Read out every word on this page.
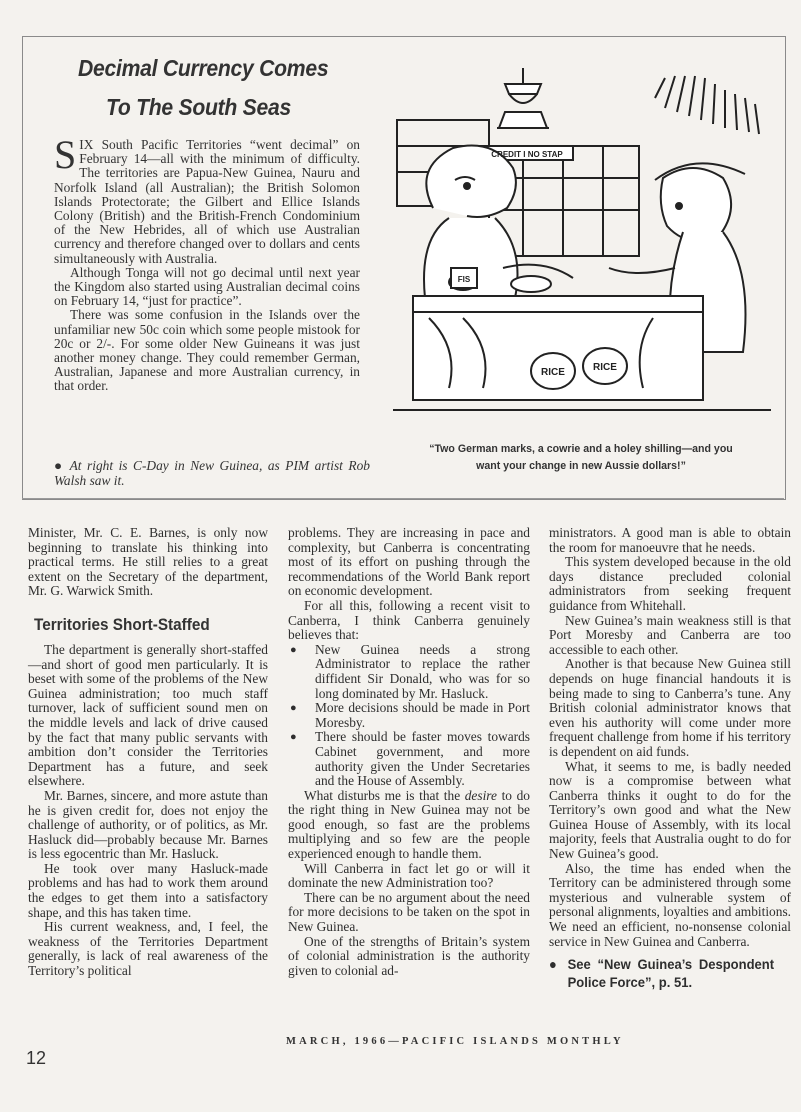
Decimal Currency Comes
To The South Seas

SIX South Pacific Territories “went decimal” on February 14—all with the minimum of difficulty. The territories are Papua-New Guinea, Nauru and Norfolk Island (all Australian); the British Solomon Islands Protectorate; the Gilbert and Ellice Islands Colony (British) and the British-French Condominium of the New Hebrides, all of which use Australian currency and therefore changed over to dollars and cents simultaneously with Australia.

Although Tonga will not go decimal until next year the Kingdom also started using Australian decimal coins on February 14, “just for practice”.

There was some confusion in the Islands over the unfamiliar new 50c coin which some people mistook for 20c or 2/-. For some older New Guineans it was just another money change. They could remember German, Australian, Japanese and more Australian currency, in that order.

● At right is C-Day in New Guinea, as PIM artist Rob Walsh saw it.
CREDIT I NO STAP
FIS
RICE	RICE
“Two German marks, a cowrie and a holey shilling—and you
want your change in new Aussie dollars!”

Minister, Mr. C. E. Barnes, is only now beginning to translate his thinking into practical terms. He still relies to a great extent on the Secretary of the department, Mr. G. Warwick Smith.

Territories Short-Staffed

The department is generally short-staffed—and short of good men particularly. It is beset with some of the problems of the New Guinea administration; too much staff turnover, lack of sufficient sound men on the middle levels and lack of drive caused by the fact that many public servants with ambition don’t consider the Territories Department has a future, and seek elsewhere.

Mr. Barnes, sincere, and more astute than he is given credit for, does not enjoy the challenge of authority, or of politics, as Mr. Hasluck did—probably because Mr. Barnes is less egocentric than Mr. Hasluck.

He took over many Hasluck-made problems and has had to work them around the edges to get them into a satisfactory shape, and this has taken time.

His current weakness, and, I feel, the weakness of the Territories Department generally, is lack of real awareness of the Territory’s political

problems. They are increasing in pace and complexity, but Canberra is concentrating most of its effort on pushing through the recommendations of the World Bank report on economic development.

For all this, following a recent visit to Canberra, I think Canberra genuinely believes that:

● New Guinea needs a strong Administrator to replace the rather diffident Sir Donald, who was for so long dominated by Mr. Hasluck.
● More decisions should be made in Port Moresby.
● There should be faster moves towards Cabinet government, and more authority given the Under Secretaries and the House of Assembly.

What disturbs me is that the desire to do the right thing in New Guinea may not be good enough, so fast are the problems multiplying and so few are the people experienced enough to handle them.

Will Canberra in fact let go or will it dominate the new Administration too?

There can be no argument about the need for more decisions to be taken on the spot in New Guinea.

One of the strengths of Britain’s system of colonial administration is the authority given to colonial ad-

ministrators. A good man is able to obtain the room for manoeuvre that he needs.

This system developed because in the old days distance precluded colonial administrators from seeking frequent guidance from Whitehall.

New Guinea’s main weakness still is that Port Moresby and Canberra are too accessible to each other.

Another is that because New Guinea still depends on huge financial handouts it is being made to sing to Canberra’s tune. Any British colonial administrator knows that even his authority will come under more frequent challenge from home if his territory is dependent on aid funds.

What, it seems to me, is badly needed now is a compromise between what Canberra thinks it ought to do for the Territory’s own good and what the New Guinea House of Assembly, with its local majority, feels that Australia ought to do for New Guinea’s good.

Also, the time has ended when the Territory can be administered through some mysterious and vulnerable system of personal alignments, loyalties and ambitions. We need an efficient, no-nonsense colonial service in New Guinea and Canberra.

● See “New Guinea’s Despondent Police Force”, p. 51.
12
MARCH, 1966—PACIFIC ISLANDS MONTHLY
